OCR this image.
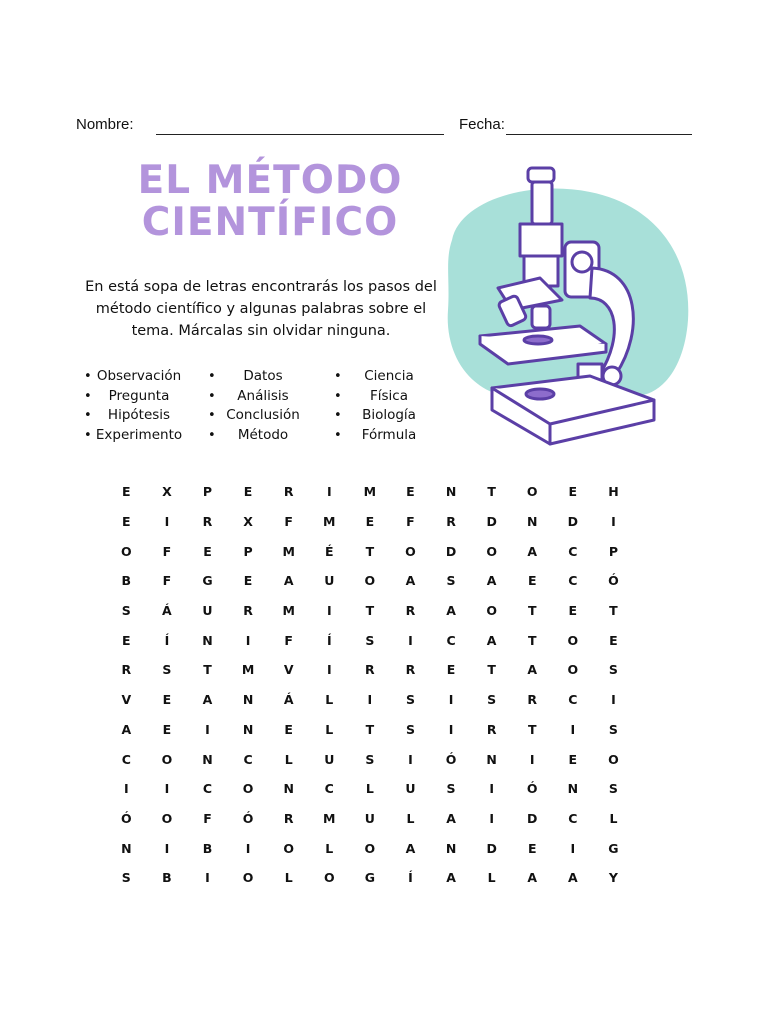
Nombre:	Fecha:
EL MÉTODO
CIENTÍFICO
En está sopa de letras encontrarás los pasos del método científico y algunas palabras sobre el tema. Márcalas sin olvidar ninguna.
• Observación
• Pregunta
• Hipótesis
• Experimento
• Datos
• Análisis
• Conclusión
• Método
• Ciencia
• Física
• Biología
• Fórmula
E	X	P	E	R	I	M	E	N	T	O	E	H
E	I	R	X	F	M	E	F	R	D	N	D	I
O	F	E	P	M	É	T	O	D	O	A	C	P
B	F	G	E	A	U	O	A	S	A	E	C	Ó
S	Á	U	R	M	I	T	R	A	O	T	E	T
E	Í	N	I	F	Í	S	I	C	A	T	O	E
R	S	T	M	V	I	R	R	E	T	A	O	S
V	E	A	N	Á	L	I	S	I	S	R	C	I
A	E	I	N	E	L	T	S	I	R	T	I	S
C	O	N	C	L	U	S	I	Ó	N	I	E	O
I	I	C	O	N	C	L	U	S	I	Ó	N	S
Ó	O	F	Ó	R	M	U	L	A	I	D	C	L
N	I	B	I	O	L	O	A	N	D	E	I	G
S	B	I	O	L	O	G	Í	A	L	A	A	Y
